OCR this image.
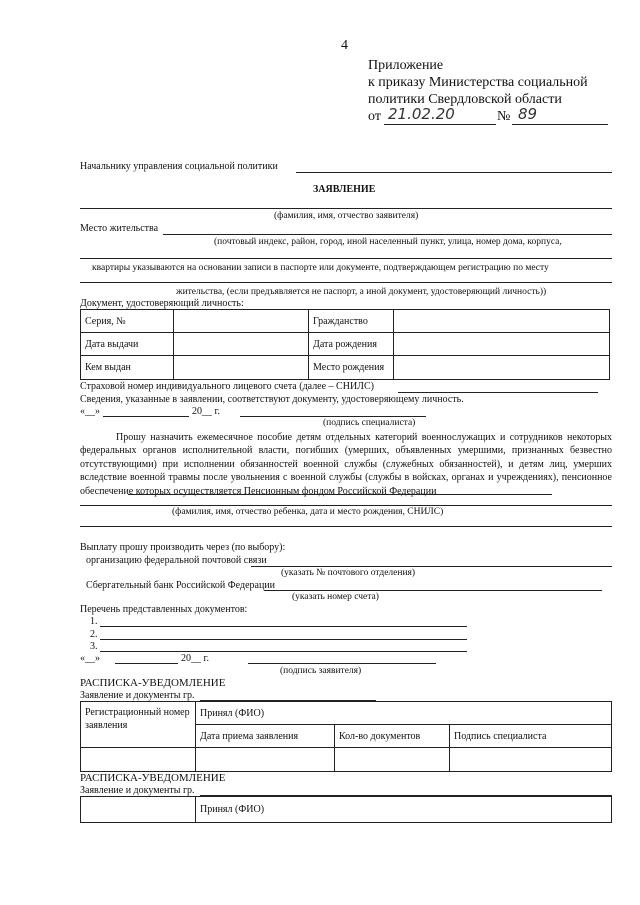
4
Приложение
к приказу Министерства социальной
политики Свердловской области
от 21.02.20	№ 89
Начальнику управления социальной политики
ЗАЯВЛЕНИЕ
(фамилия, имя, отчество заявителя)
Место жительства
(почтовый индекс, район, город, иной населенный пункт, улица, номер дома, корпуса,
квартиры указываются на основании записи в паспорте или документе, подтверждающем регистрацию по месту
жительства, (если предъявляется не паспорт, а иной документ, удостоверяющий личность))
Документ, удостоверяющий личность:
Серия, №		Гражданство	
Дата выдачи		Дата рождения	
Кем выдан		Место рождения	
Страховой номер индивидуального лицевого счета (далее – СНИЛС)
Сведения, указанные в заявлении, соответствуют документу, удостоверяющему личность.
«__»	20__ г.
(подпись специалиста)
Прошу назначить ежемесячное пособие детям отдельных категорий военнослужащих и сотрудников некоторых федеральных органов исполнительной власти, погибших (умерших, объявленных умершими, признанных безвестно отсутствующими) при исполнении обязанностей военной службы (служебных обязанностей), и детям лиц, умерших вследствие военной травмы после увольнения с военной службы (службы в войсках, органах и учреждениях), пенсионное обеспечение которых осуществляется Пенсионным фондом Российской Федерации
(фамилия, имя, отчество ребенка, дата и место рождения, СНИЛС)
Выплату прошу производить через (по выбору):
организацию федеральной почтовой связи
(указать № почтового отделения)
Сбергательный банк Российской Федерации
(указать номер счета)
Перечень представленных документов:
1.
2.
3.
«__»	20__ г.
(подпись заявителя)
РАСПИСКА-УВЕДОМЛЕНИЕ
Заявление и документы гр.
Регистрационный номер заявления	Принял (ФИО)		
	Дата приема заявления	Кол-во документов	Подпись специалиста

РАСПИСКА-УВЕДОМЛЕНИЕ
Заявление и документы гр.
	Принял (ФИО)
